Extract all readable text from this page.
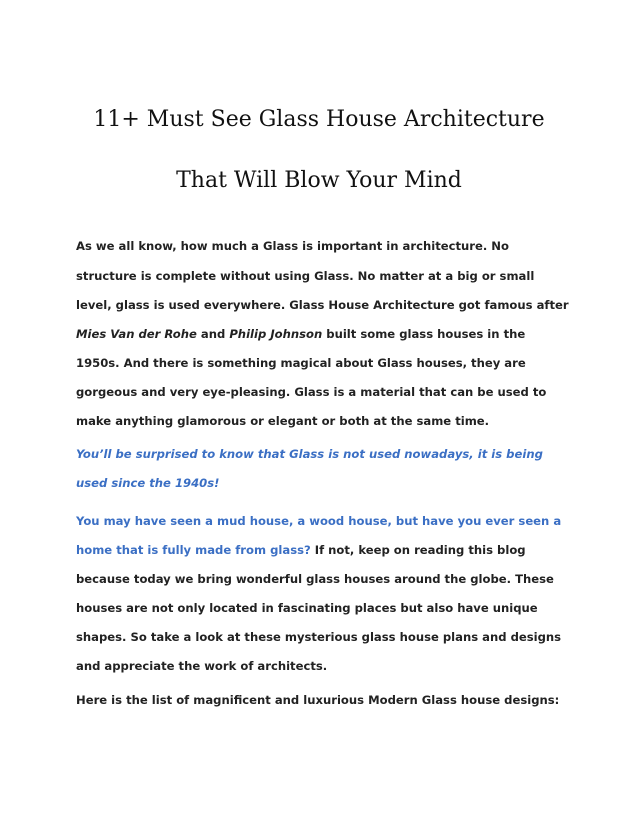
11+ Must See Glass House Architecture
That Will Blow Your Mind
As we all know, how much a Glass is important in architecture. No
structure is complete without using Glass. No matter at a big or small
level, glass is used everywhere. Glass House Architecture got famous after
Mies Van der Rohe and Philip Johnson built some glass houses in the
1950s. And there is something magical about Glass houses, they are
gorgeous and very eye-pleasing. Glass is a material that can be used to
make anything glamorous or elegant or both at the same time.
You’ll be surprised to know that Glass is not used nowadays, it is being
used since the 1940s!
You may have seen a mud house, a wood house, but have you ever seen a
home that is fully made from glass? If not, keep on reading this blog
because today we bring wonderful glass houses around the globe. These
houses are not only located in fascinating places but also have unique
shapes. So take a look at these mysterious glass house plans and designs
and appreciate the work of architects.
Here is the list of magnificent and luxurious Modern Glass house designs:
